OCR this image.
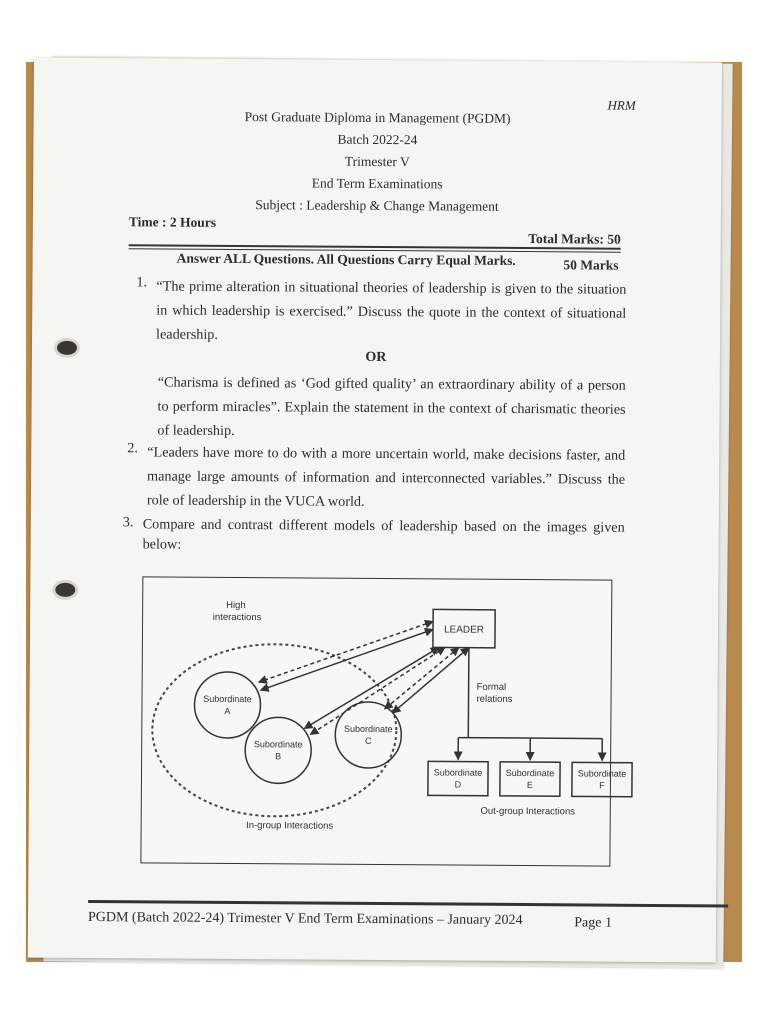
HRM
Post Graduate Diploma in Management (PGDM)
Batch 2022-24
Trimester V
End Term Examinations
Subject : Leadership & Change Management
Time : 2 Hours
Total Marks: 50
Answer ALL Questions. All Questions Carry Equal Marks.	50 Marks
1. “The prime alteration in situational theories of leadership is given to the situation in which leadership is exercised.” Discuss the quote in the context of situational leadership.
OR
“Charisma is defined as ‘God gifted quality’ an extraordinary ability of a person to perform miracles”. Explain the statement in the context of charismatic theories of leadership.
2. “Leaders have more to do with a more uncertain world, make decisions faster, and manage large amounts of information and interconnected variables.” Discuss the role of leadership in the VUCA world.
3. Compare and contrast different models of leadership based on the images given below:
LEADER
High interactions
Subordinate A
Subordinate B
Subordinate C
Formal relations
Subordinate D
Subordinate E
Subordinate F
Out-group Interactions
In-group Interactions
PGDM (Batch 2022-24) Trimester V End Term Examinations – January 2024	Page 1
